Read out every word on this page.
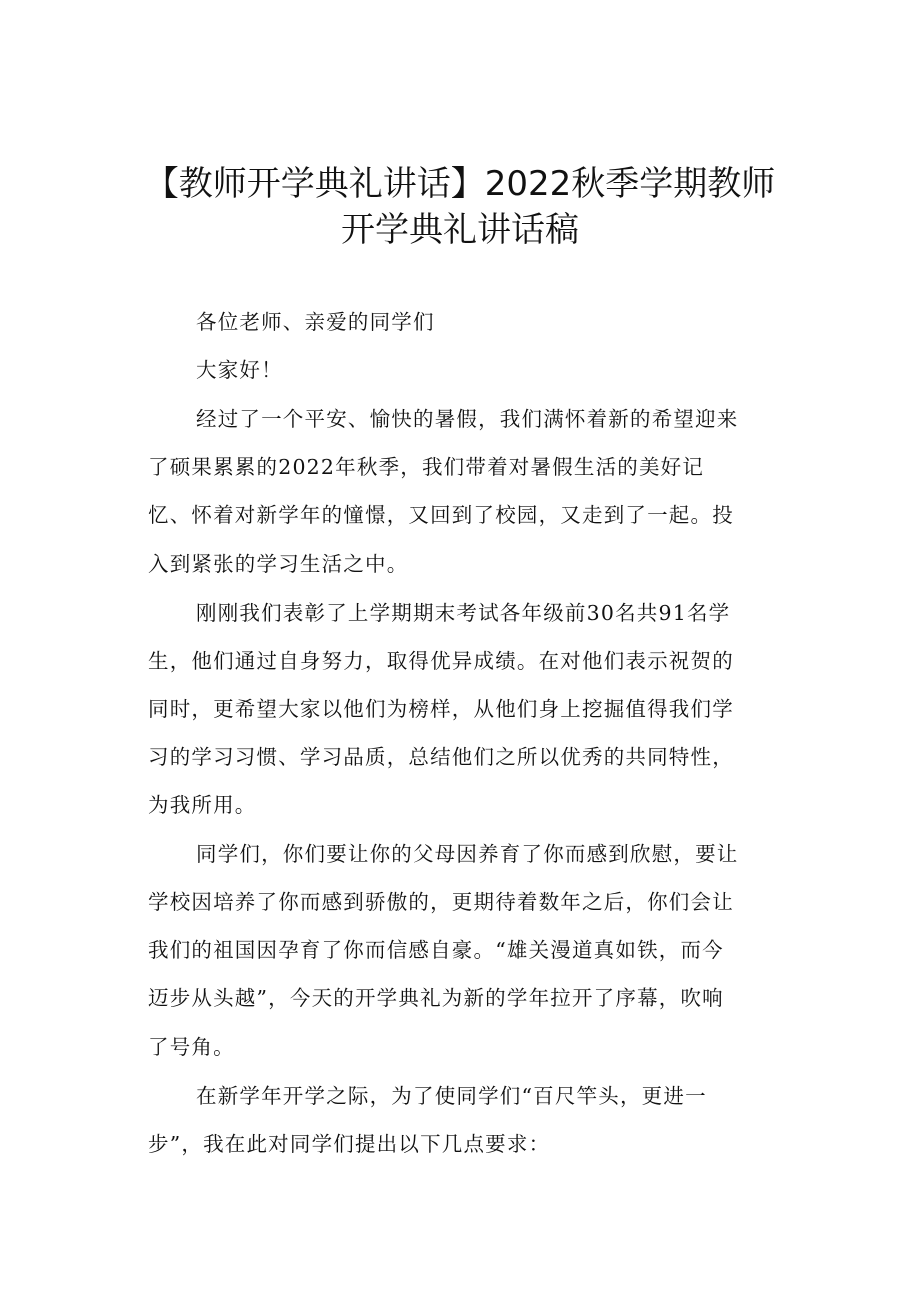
【教师开学典礼讲话】2022秋季学期教师
开学典礼讲话稿
各位老师、亲爱的同学们
大家好！
经过了一个平安、愉快的暑假，我们满怀着新的希望迎来
了硕果累累的2022年秋季，我们带着对暑假生活的美好记
忆、怀着对新学年的憧憬，又回到了校园，又走到了一起。投
入到紧张的学习生活之中。
刚刚我们表彰了上学期期末考试各年级前30名共91名学
生，他们通过自身努力，取得优异成绩。在对他们表示祝贺的
同时，更希望大家以他们为榜样，从他们身上挖掘值得我们学
习的学习习惯、学习品质，总结他们之所以优秀的共同特性，
为我所用。
同学们，你们要让你的父母因养育了你而感到欣慰，要让
学校因培养了你而感到骄傲的，更期待着数年之后，你们会让
我们的祖国因孕育了你而信感自豪。“雄关漫道真如铁，而今
迈步从头越”，今天的开学典礼为新的学年拉开了序幕，吹响
了号角。
在新学年开学之际，为了使同学们“百尺竿头，更进一
步”，我在此对同学们提出以下几点要求：
